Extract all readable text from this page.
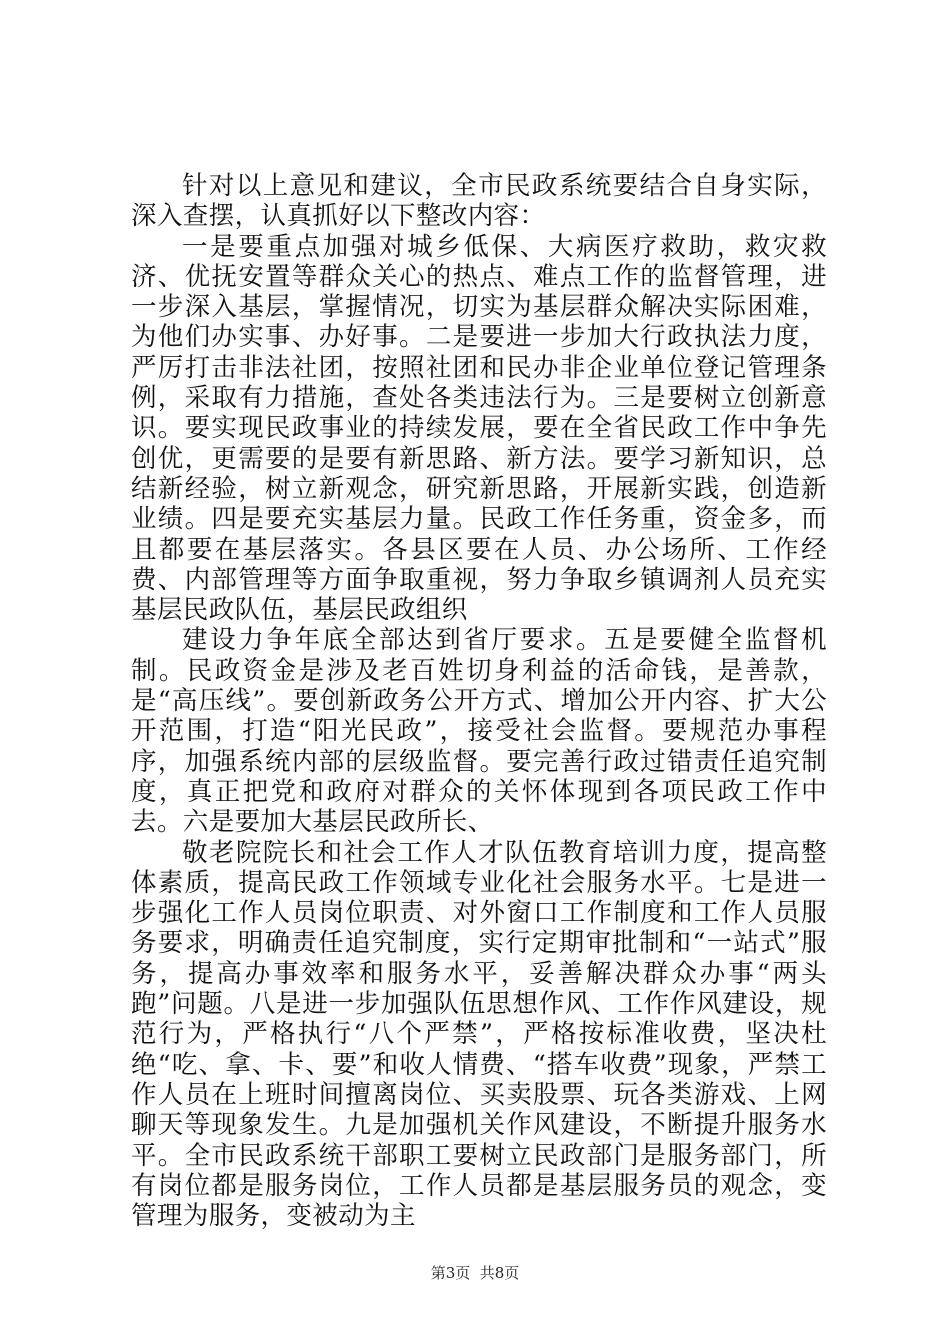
针对以上意见和建议，全市民政系统要结合自身实际，深入查摆，认真抓好以下整改内容：

一是要重点加强对城乡低保、大病医疗救助，救灾救济、优抚安置等群众关心的热点、难点工作的监督管理，进一步深入基层，掌握情况，切实为基层群众解决实际困难，为他们办实事、办好事。二是要进一步加大行政执法力度，严厉打击非法社团，按照社团和民办非企业单位登记管理条例，采取有力措施，查处各类违法行为。三是要树立创新意识。要实现民政事业的持续发展，要在全省民政工作中争先创优，更需要的是要有新思路、新方法。要学习新知识，总结新经验，树立新观念，研究新思路，开展新实践，创造新业绩。四是要充实基层力量。民政工作任务重，资金多，而且都要在基层落实。各县区要在人员、办公场所、工作经费、内部管理等方面争取重视，努力争取乡镇调剂人员充实基层民政队伍，基层民政组织

建设力争年底全部达到省厅要求。五是要健全监督机制。民政资金是涉及老百姓切身利益的活命钱，是善款，是“高压线”。要创新政务公开方式、增加公开内容、扩大公开范围，打造“阳光民政”，接受社会监督。要规范办事程序，加强系统内部的层级监督。要完善行政过错责任追究制度，真正把党和政府对群众的关怀体现到各项民政工作中去。六是要加大基层民政所长、

敬老院院长和社会工作人才队伍教育培训力度，提高整体素质，提高民政工作领域专业化社会服务水平。七是进一步强化工作人员岗位职责、对外窗口工作制度和工作人员服务要求，明确责任追究制度，实行定期审批制和“一站式”服务，提高办事效率和服务水平，妥善解决群众办事“两头跑”问题。八是进一步加强队伍思想作风、工作作风建设，规范行为，严格执行“八个严禁”，严格按标准收费，坚决杜绝“吃、拿、卡、要”和收人情费、“搭车收费”现象，严禁工作人员在上班时间擅离岗位、买卖股票、玩各类游戏、上网聊天等现象发生。九是加强机关作风建设，不断提升服务水平。全市民政系统干部职工要树立民政部门是服务部门，所有岗位都是服务岗位，工作人员都是基层服务员的观念，变管理为服务，变被动为主

第3页  共8页
